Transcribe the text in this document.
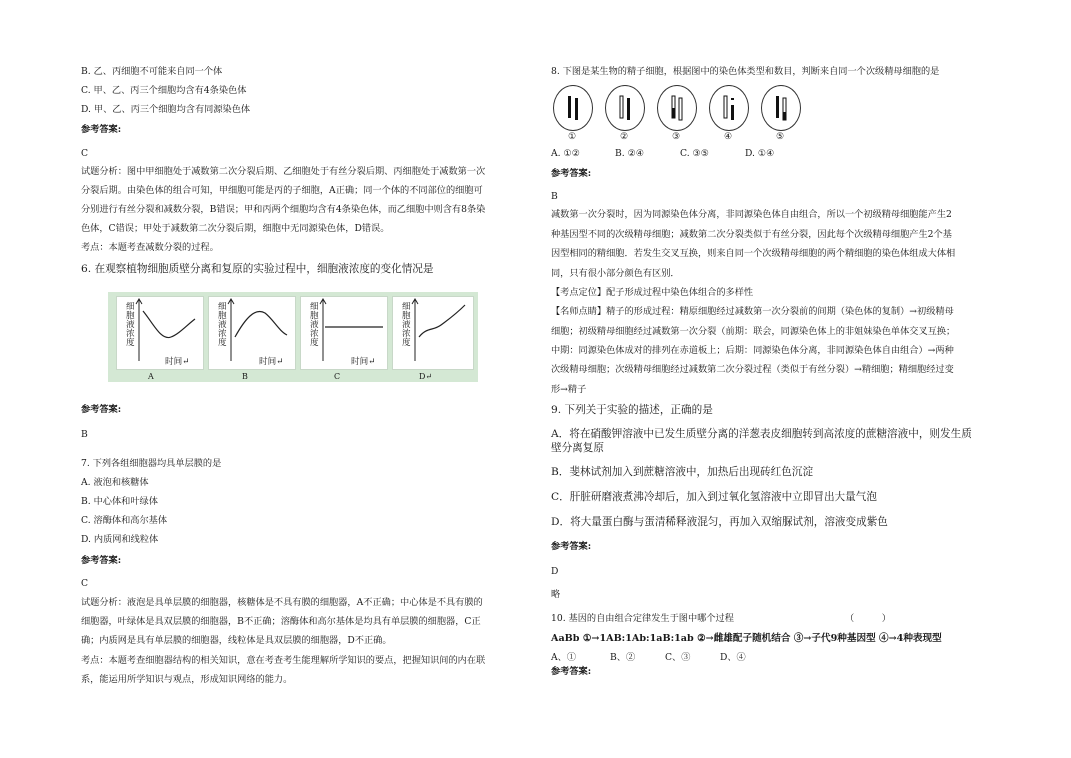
B. 乙、丙细胞不可能来自同一个体
C. 甲、乙、丙三个细胞均含有4条染色体
D. 甲、乙、丙三个细胞均含有同源染色体
参考答案:
C
试题分析：图中甲细胞处于减数第二次分裂后期、乙细胞处于有丝分裂后期、丙细胞处于减数第一次
分裂后期。由染色体的组合可知，甲细胞可能是丙的子细胞，A正确；同一个体的不同部位的细胞可
分别进行有丝分裂和减数分裂，B错误；甲和丙两个细胞均含有4条染色体，而乙细胞中则含有8条染
色体，C错误；甲处于减数第二次分裂后期，细胞中无同源染色体，D错误。
考点：本题考查减数分裂的过程。
6. 在观察植物细胞质壁分离和复原的实验过程中，细胞液浓度的变化情况是
细胞液浓度
时间↵
细胞液浓度
时间↵
细胞液浓度
时间↵
细胞液浓度
A	B	C	D↵
参考答案:
B
7. 下列各组细胞器均具单层膜的是
A. 液泡和核糖体
B. 中心体和叶绿体
C. 溶酶体和高尔基体
D. 内质网和线粒体
参考答案:
C
试题分析：液泡是具单层膜的细胞器，核糖体是不具有膜的细胞器，A不正确；中心体是不具有膜的
细胞器，叶绿体是具双层膜的细胞器，B不正确；溶酶体和高尔基体是均具有单层膜的细胞器，C正
确；内质网是具有单层膜的细胞器，线粒体是具双层膜的细胞器，D不正确。
考点：本题考查细胞器结构的相关知识，意在考查考生能理解所学知识的要点，把握知识间的内在联
系，能运用所学知识与观点，形成知识网络的能力。
8. 下图是某生物的精子细胞，根据图中的染色体类型和数目，判断来自同一个次级精母细胞的是
①	②	③	④	⑤
A. ①②	B. ②④	C. ③⑤	D. ①④
参考答案:
B
减数第一次分裂时，因为同源染色体分离，非同源染色体自由组合，所以一个初级精母细胞能产生2
种基因型不同的次级精母细胞；减数第二次分裂类似于有丝分裂，因此每个次级精母细胞产生2个基
因型相同的精细胞．若发生交叉互换，则来自同一个次级精母细胞的两个精细胞的染色体组成大体相
同，只有很小部分颜色有区别．
【考点定位】配子形成过程中染色体组合的多样性
【名师点睛】精子的形成过程：精原细胞经过减数第一次分裂前的间期（染色体的复制）→初级精母
细胞；初级精母细胞经过减数第一次分裂（前期：联会，同源染色体上的非姐妹染色单体交叉互换；
中期：同源染色体成对的排列在赤道板上；后期：同源染色体分离，非同源染色体自由组合）→两种
次级精母细胞；次级精母细胞经过减数第二次分裂过程（类似于有丝分裂）→精细胞；精细胞经过变
形→精子
9. 下列关于实验的描述，正确的是
A．将在硝酸钾溶液中已发生质壁分离的洋葱表皮细胞转到高浓度的蔗糖溶液中，则发生质
壁分离复原
B．斐林试剂加入到蔗糖溶液中，加热后出现砖红色沉淀
C．肝脏研磨液煮沸冷却后，加入到过氧化氢溶液中立即冒出大量气泡
D．将大量蛋白酶与蛋清稀释液混匀，再加入双缩脲试剂，溶液变成紫色
参考答案:
D
略
10. 基因的自由组合定律发生于图中哪个过程	（　　　）
AaBb ①→1AB:1Ab:1aB:1ab ②→雌雄配子随机结合 ③→子代9种基因型 ④→4种表现型
A、①	B、②	C、③	D、④
参考答案:
